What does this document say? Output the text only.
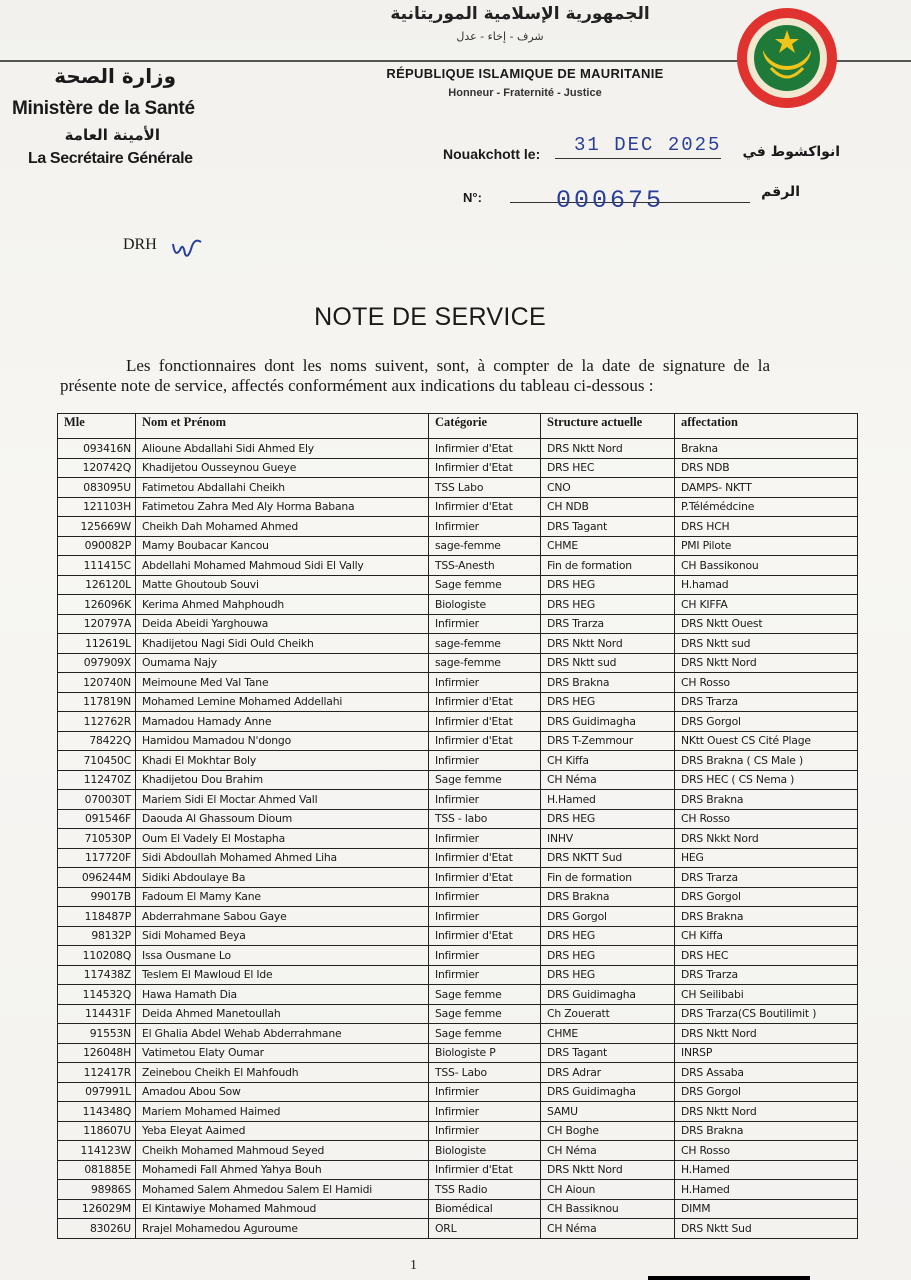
الجمهورية الإسلامية الموريتانية
شرف - إخاء - عدل
RÉPUBLIQUE ISLAMIQUE DE MAURITANIE
Honneur - Fraternité - Justice
وزارة الصحة
Ministère de la Santé
الأمينة العامة
La Secrétaire Générale	Nouakchott le: 31 DEC 2025	انواكشوط في
N°:	000675	الرقم
DRH
NOTE DE SERVICE
Les fonctionnaires dont les noms suivent, sont, à compter de la date de signature de la présente note de service, affectés conformément aux indications du tableau ci-dessous :
Mle	Nom et Prénom	Catégorie	Structure actuelle	affectation
093416N	Alioune Abdallahi Sidi Ahmed Ely	Infirmier d'Etat	DRS Nktt Nord	Brakna
120742Q	Khadijetou Ousseynou Gueye	Infirmier d'Etat	DRS HEC	DRS NDB
083095U	Fatimetou Abdallahi Cheikh	TSS Labo	CNO	DAMPS- NKTT
121103H	Fatimetou Zahra Med Aly Horma Babana	Infirmier d'Etat	CH NDB	P.Télémédcine
125669W	Cheikh Dah Mohamed Ahmed	Infirmier	DRS Tagant	DRS HCH
090082P	Mamy Boubacar Kancou	sage-femme	CHME	PMI Pilote
111415C	Abdellahi Mohamed Mahmoud Sidi El Vally	TSS-Anesth	Fin de formation	CH Bassikonou
126120L	Matte Ghoutoub Souvi	Sage femme	DRS HEG	H.hamad
126096K	Kerima Ahmed Mahphoudh	Biologiste	DRS HEG	CH KIFFA
120797A	Deida Abeidi Yarghouwa	Infirmier	DRS Trarza	DRS Nktt Ouest
112619L	Khadijetou Nagi Sidi Ould Cheikh	sage-femme	DRS Nktt Nord	DRS Nktt sud
097909X	Oumama Najy	sage-femme	DRS Nktt sud	DRS Nktt Nord
120740N	Meimoune Med Val Tane	Infirmier	DRS Brakna	CH Rosso
117819N	Mohamed Lemine Mohamed Addellahi	Infirmier d'Etat	DRS HEG	DRS Trarza
112762R	Mamadou Hamady Anne	Infirmier d'Etat	DRS Guidimagha	DRS Gorgol
78422Q	Hamidou Mamadou N'dongo	Infirmier d'Etat	DRS T-Zemmour	NKtt Ouest CS Cité Plage
710450C	Khadi El Mokhtar Boly	Infirmier	CH Kiffa	DRS Brakna ( CS Male )
112470Z	Khadijetou Dou Brahim	Sage femme	CH Néma	DRS HEC ( CS Nema )
070030T	Mariem Sidi El Moctar Ahmed Vall	Infirmier	H.Hamed	DRS Brakna
091546F	Daouda Al Ghassoum Dioum	TSS - labo	DRS HEG	CH Rosso
710530P	Oum El Vadely El Mostapha	Infirmier	INHV	DRS Nkkt Nord
117720F	Sidi Abdoullah Mohamed Ahmed Liha	Infirmier d'Etat	DRS NKTT Sud	HEG
096244M	Sidiki Abdoulaye Ba	Infirmier d'Etat	Fin de formation	DRS Trarza
99017B	Fadoum El Mamy Kane	Infirmier	DRS Brakna	DRS Gorgol
118487P	Abderrahmane Sabou Gaye	Infirmier	DRS Gorgol	DRS Brakna
98132P	Sidi Mohamed Beya	Infirmier d'Etat	DRS HEG	CH Kiffa
110208Q	Issa Ousmane Lo	Infirmier	DRS HEG	DRS HEC
117438Z	Teslem El Mawloud El Ide	Infirmier	DRS HEG	DRS Trarza
114532Q	Hawa Hamath Dia	Sage femme	DRS Guidimagha	CH Seilibabi
114431F	Deida Ahmed Manetoullah	Sage femme	Ch Zoueratt	DRS Trarza(CS Boutilimit )
91553N	El Ghalia Abdel Wehab Abderrahmane	Sage femme	CHME	DRS Nktt Nord
126048H	Vatimetou Elaty Oumar	Biologiste P	DRS Tagant	INRSP
112417R	Zeinebou Cheikh El Mahfoudh	TSS- Labo	DRS Adrar	DRS Assaba
097991L	Amadou Abou Sow	Infirmier	DRS Guidimagha	DRS Gorgol
114348Q	Mariem Mohamed Haimed	Infirmier	SAMU	DRS Nktt Nord
118607U	Yeba Eleyat Aaimed	Infirmier	CH Boghe	DRS Brakna
114123W	Cheikh Mohamed Mahmoud Seyed	Biologiste	CH Néma	CH Rosso
081885E	Mohamedi Fall Ahmed Yahya Bouh	Infirmier d'Etat	DRS Nktt Nord	H.Hamed
98986S	Mohamed Salem Ahmedou Salem El Hamidi	TSS Radio	CH Aioun	H.Hamed
126029M	El Kintawiye Mohamed Mahmoud	Biomédical	CH Bassiknou	DIMM
83026U	Rrajel Mohamedou Aguroume	ORL	CH Néma	DRS Nktt Sud
1
